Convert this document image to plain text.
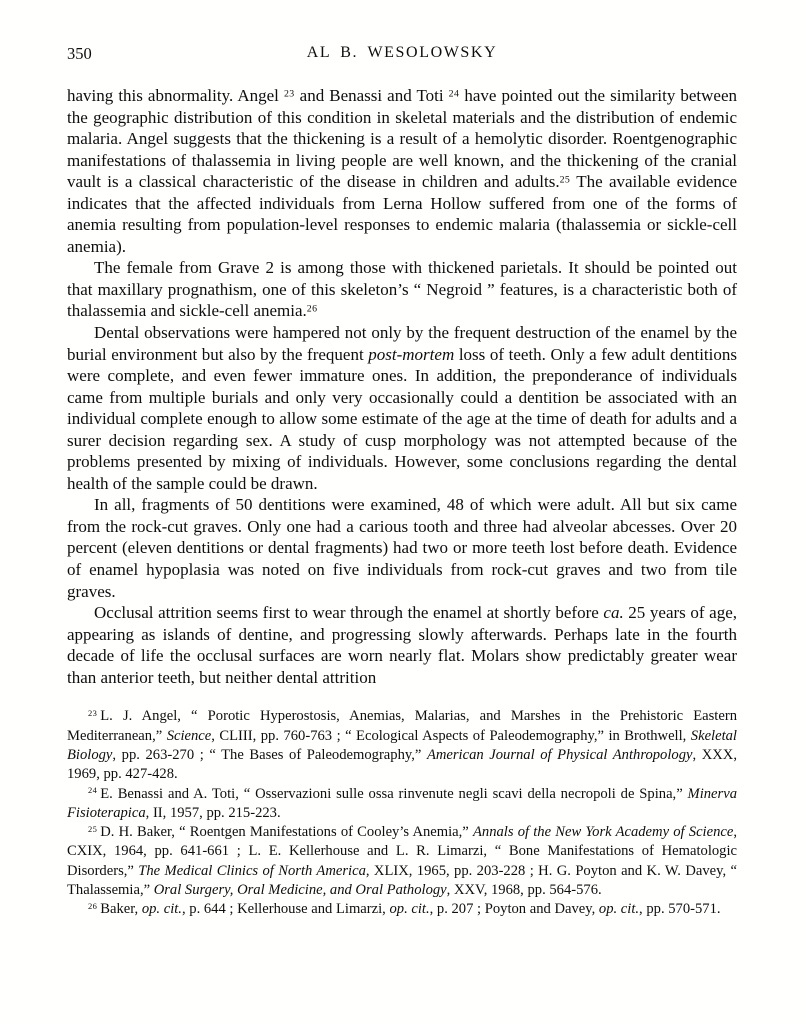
350	AL B. WESOLOWSKY

having this abnormality. Angel $^{23}$ and Benassi and Toti $^{24}$ have pointed out the similarity between the geographic distribution of this condition in skeletal materials and the distribution of endemic malaria. Angel suggests that the thickening is a result of a hemolytic disorder. Roentgenographic manifestations of thalassemia in living people are well known, and the thickening of the cranial vault is a classical characteristic of the disease in children and adults.$^{25}$ The available evidence indicates that the affected individuals from Lerna Hollow suffered from one of the forms of anemia resulting from population-level responses to endemic malaria (thalassemia or sickle-cell anemia).

The female from Grave 2 is among those with thickened parietals. It should be pointed out that maxillary prognathism, one of this skeleton’s “ Negroid ” features, is a characteristic both of thalassemia and sickle-cell anemia.$^{26}$

Dental observations were hampered not only by the frequent destruction of the enamel by the burial environment but also by the frequent post-mortem loss of teeth. Only a few adult dentitions were complete, and even fewer immature ones. In addition, the preponderance of individuals came from multiple burials and only very occasionally could a dentition be associated with an individual complete enough to allow some estimate of the age at the time of death for adults and a surer decision regarding sex. A study of cusp morphology was not attempted because of the problems presented by mixing of individuals. However, some conclusions regarding the dental health of the sample could be drawn.

In all, fragments of 50 dentitions were examined, 48 of which were adult. All but six came from the rock-cut graves. Only one had a carious tooth and three had alveolar abcesses. Over 20 percent (eleven dentitions or dental fragments) had two or more teeth lost before death. Evidence of enamel hypoplasia was noted on five individuals from rock-cut graves and two from tile graves.

Occlusal attrition seems first to wear through the enamel at shortly before ca. 25 years of age, appearing as islands of dentine, and progressing slowly afterwards. Perhaps late in the fourth decade of life the occlusal surfaces are worn nearly flat. Molars show predictably greater wear than anterior teeth, but neither dental attrition

$^{23}$ L. J. Angel, “ Porotic Hyperostosis, Anemias, Malarias, and Marshes in the Prehistoric Eastern Mediterranean,” Science, CLIII, pp. 760-763 ; “ Ecological Aspects of Paleodemography,” in Brothwell, Skeletal Biology, pp. 263-270 ; “ The Bases of Paleodemography,” American Journal of Physical Anthropology, XXX, 1969, pp. 427-428.

$^{24}$ E. Benassi and A. Toti, “ Osservazioni sulle ossa rinvenute negli scavi della necropoli de Spina,” Minerva Fisioterapica, II, 1957, pp. 215-223.

$^{25}$ D. H. Baker, “ Roentgen Manifestations of Cooley’s Anemia,” Annals of the New York Academy of Science, CXIX, 1964, pp. 641-661 ; L. E. Kellerhouse and L. R. Limarzi, “ Bone Manifestations of Hematologic Disorders,” The Medical Clinics of North America, XLIX, 1965, pp. 203-228 ; H. G. Poyton and K. W. Davey, “ Thalassemia,” Oral Surgery, Oral Medicine, and Oral Pathology, XXV, 1968, pp. 564-576.

$^{26}$ Baker, op. cit., p. 644 ; Kellerhouse and Limarzi, op. cit., p. 207 ; Poyton and Davey, op. cit., pp. 570-571.
